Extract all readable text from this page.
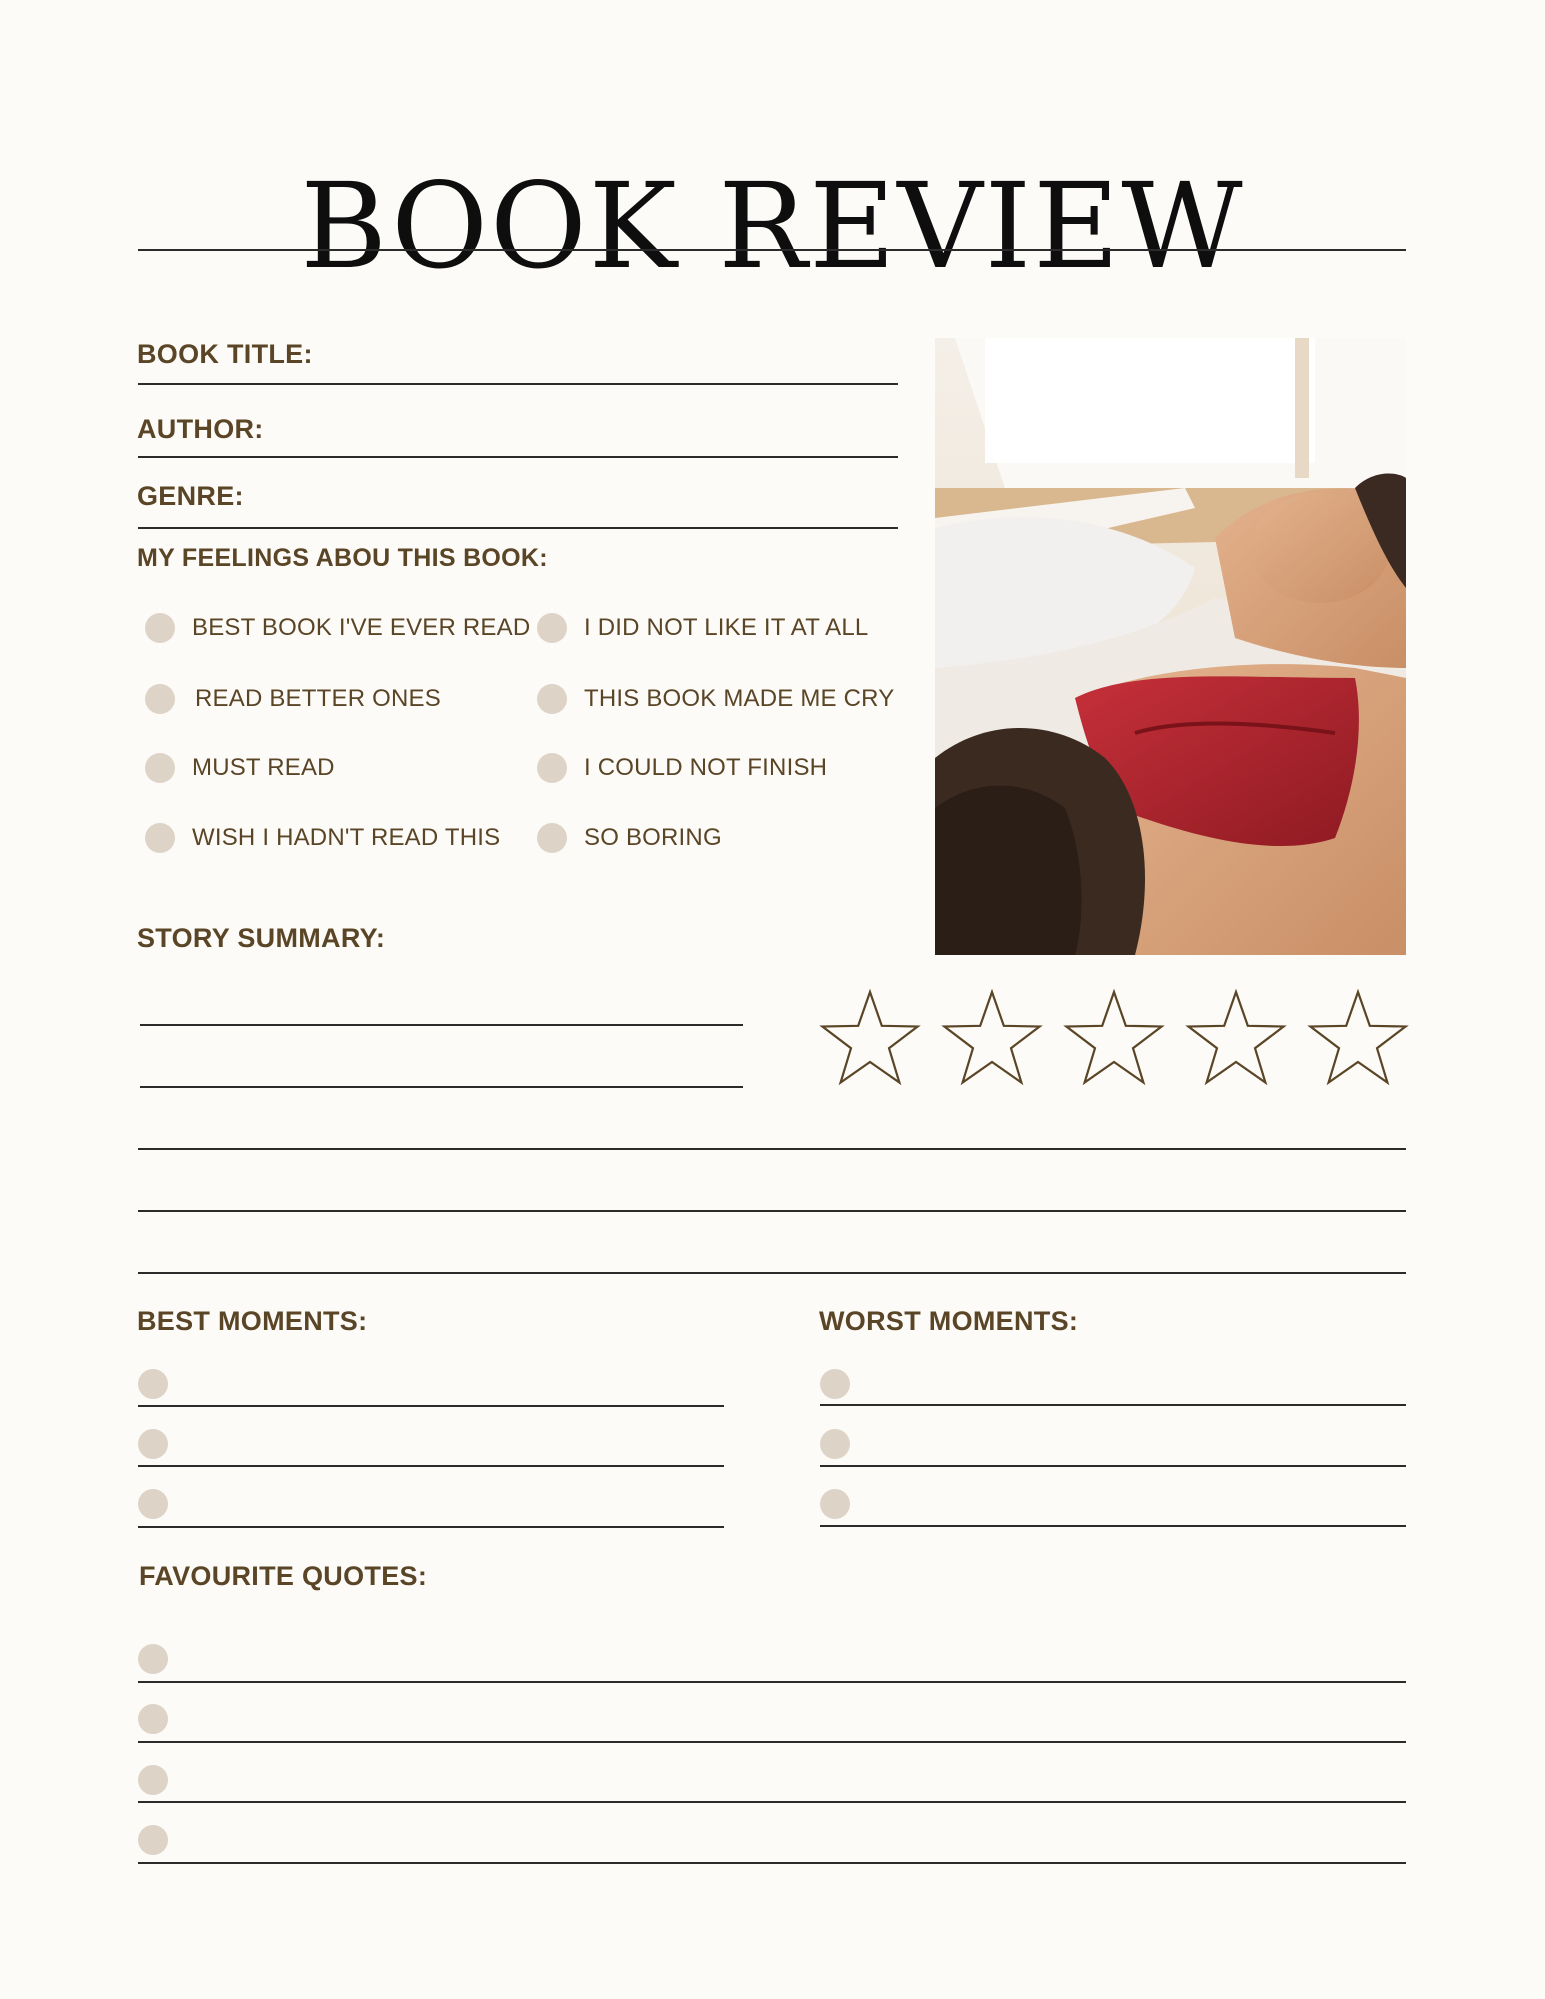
BOOK REVIEW
BOOK TITLE:
AUTHOR:
GENRE:
MY FEELINGS ABOU THIS BOOK:
BEST BOOK I'VE EVER READ
READ BETTER ONES
MUST READ
WISH I HADN'T READ THIS
I DID NOT LIKE IT AT ALL
THIS BOOK MADE ME CRY
I COULD NOT FINISH
SO BORING
STORY SUMMARY:
BEST MOMENTS:	WORST MOMENTS:
FAVOURITE QUOTES:
